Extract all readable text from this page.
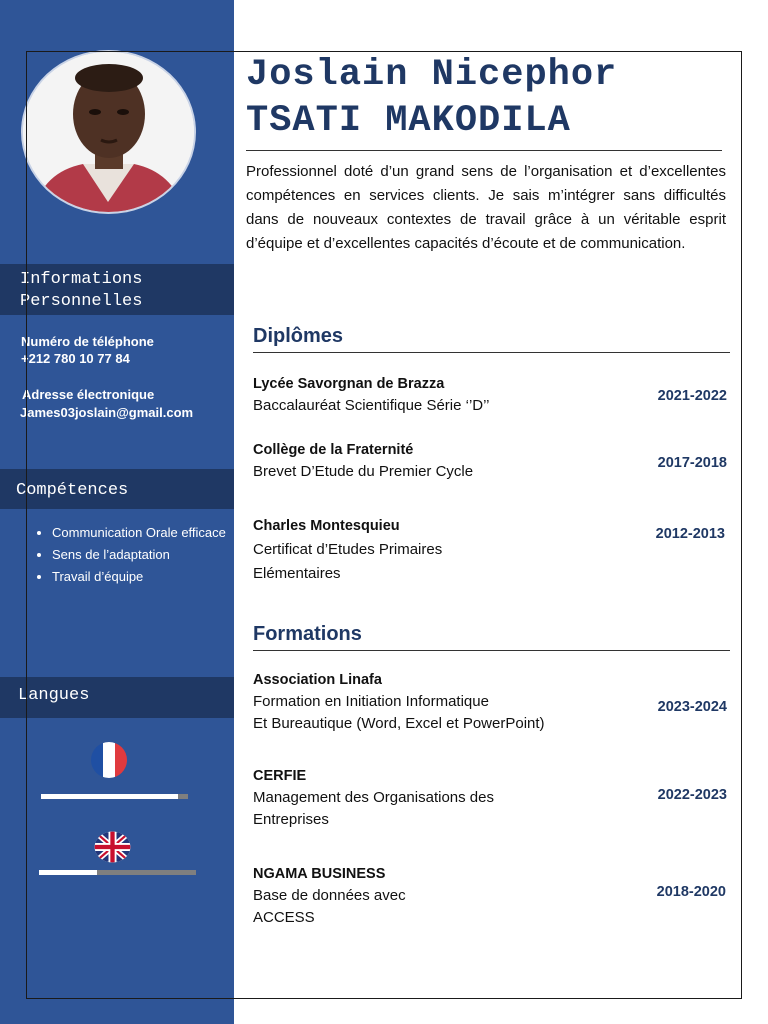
Informations
Personnelles
Numéro de téléphone
+212 780 10 77 84
Adresse électronique
James03joslain@gmail.com
Compétences
• Communication Orale efficace
• Sens de l’adaptation
• Travail d’équipe
Langues
Joslain Nicephor
TSATI MAKODILA
Professionnel doté d’un grand sens de l’organisation et d’excellentes compétences en services clients. Je sais m’intégrer sans difficultés dans de nouveaux contextes de travail grâce à un véritable esprit d’équipe et d’excellentes capacités d’écoute et de communication.
Diplômes
Lycée Savorgnan de Brazza
Baccalauréat Scientifique Série ‘’D’’
2021-2022
Collège de la Fraternité
Brevet D’Etude du Premier Cycle	2017-2018
Charles Montesquieu
Certificat d’Etudes Primaires
Elémentaires
2012-2013
Formations
Association Linafa
Formation en Initiation Informatique
Et Bureautique (Word, Excel et PowerPoint)
2023-2024
CERFIE
Management des Organisations des
Entreprises
2022-2023
NGAMA BUSINESS
Base de données avec
ACCESS
2018-2020
